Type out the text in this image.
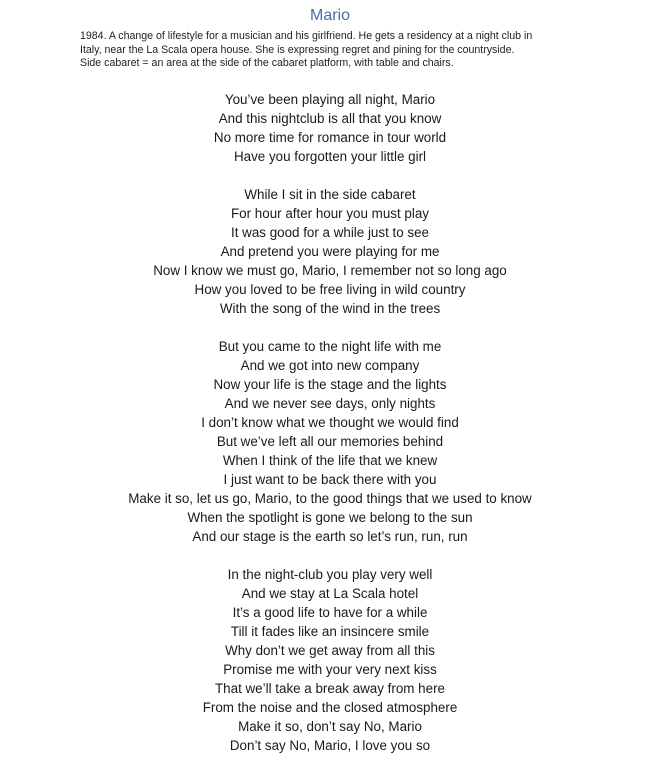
Mario
1984. A change of lifestyle for a musician and his girlfriend. He gets a residency at a night club in
Italy, near the La Scala opera house. She is expressing regret and pining for the countryside.
Side cabaret = an area at the side of the cabaret platform, with table and chairs.
You’ve been playing all night, Mario
And this nightclub is all that you know
No more time for romance in tour world
Have you forgotten your little girl
While I sit in the side cabaret
For hour after hour you must play
It was good for a while just to see
And pretend you were playing for me
Now I know we must go, Mario, I remember not so long ago
How you loved to be free living in wild country
With the song of the wind in the trees
But you came to the night life with me
And we got into new company
Now your life is the stage and the lights
And we never see days, only nights
I don’t know what we thought we would find
But we’ve left all our memories behind
When I think of the life that we knew
I just want to be back there with you
Make it so, let us go, Mario, to the good things that we used to know
When the spotlight is gone we belong to the sun
And our stage is the earth so let’s run, run, run
In the night-club you play very well
And we stay at La Scala hotel
It’s a good life to have for a while
Till it fades like an insincere smile
Why don’t we get away from all this
Promise me with your very next kiss
That we’ll take a break away from here
From the noise and the closed atmosphere
Make it so, don’t say No, Mario
Don’t say No, Mario, I love you so
